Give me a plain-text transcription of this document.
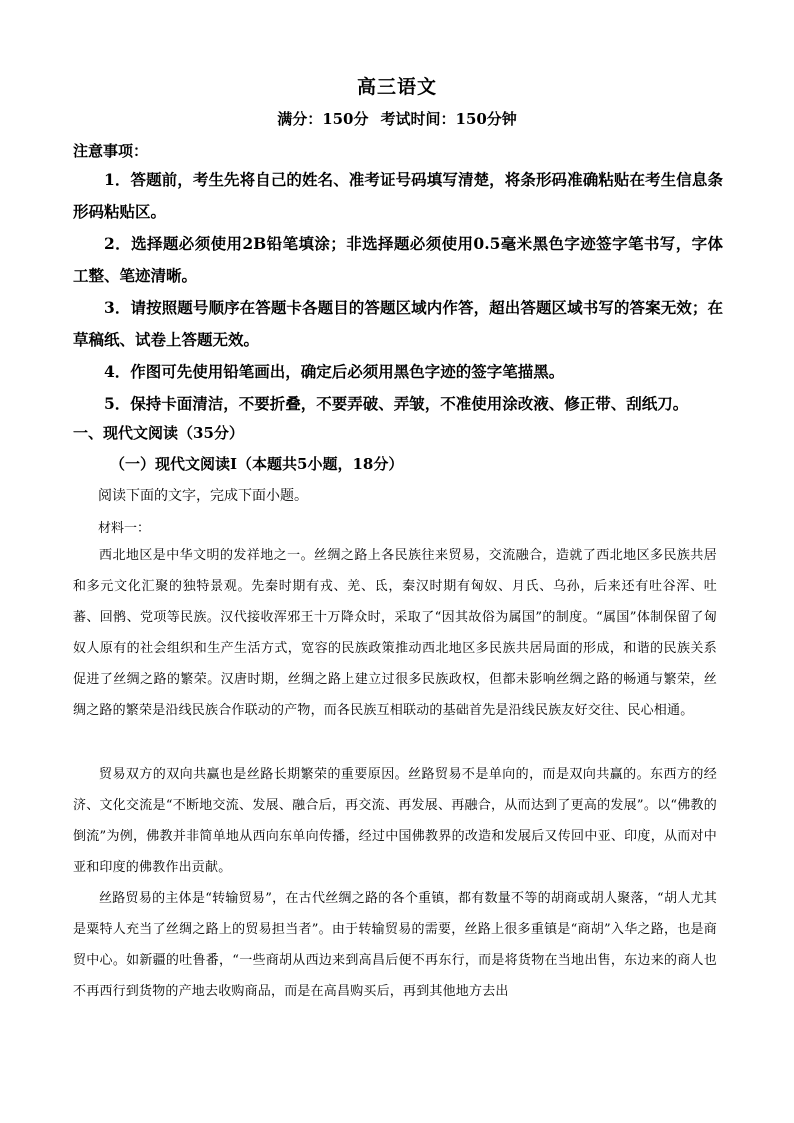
高三语文
满分：150分 考试时间：150分钟
注意事项：
1．答题前，考生先将自己的姓名、准考证号码填写清楚，将条形码准确粘贴在考生信息条形码粘贴区。
2．选择题必须使用2B铅笔填涂；非选择题必须使用0.5毫米黑色字迹签字笔书写，字体工整、笔迹清晰。
3．请按照题号顺序在答题卡各题目的答题区域内作答，超出答题区域书写的答案无效；在草稿纸、试卷上答题无效。
4．作图可先使用铅笔画出，确定后必须用黑色字迹的签字笔描黑。
5．保持卡面清洁，不要折叠，不要弄破、弄皱，不准使用涂改液、修正带、刮纸刀。
一、现代文阅读（35分）
（一）现代文阅读Ⅰ（本题共5小题，18分）
阅读下面的文字，完成下面小题。
材料一：
西北地区是中华文明的发祥地之一。丝绸之路上各民族往来贸易，交流融合，造就了西北地区多民族共居和多元文化汇聚的独特景观。先秦时期有戎、羌、氐，秦汉时期有匈奴、月氏、乌孙，后来还有吐谷浑、吐蕃、回鹘、党项等民族。汉代接收浑邪王十万降众时，采取了“因其故俗为属国”的制度。“属国”体制保留了匈奴人原有的社会组织和生产生活方式，宽容的民族政策推动西北地区多民族共居局面的形成，和谐的民族关系促进了丝绸之路的繁荣。汉唐时期，丝绸之路上建立过很多民族政权，但都未影响丝绸之路的畅通与繁荣，丝绸之路的繁荣是沿线民族合作联动的产物，而各民族互相联动的基础首先是沿线民族友好交往、民心相通。
贸易双方的双向共赢也是丝路长期繁荣的重要原因。丝路贸易不是单向的，而是双向共赢的。东西方的经济、文化交流是“不断地交流、发展、融合后，再交流、再发展、再融合，从而达到了更高的发展”。以“佛教的倒流”为例，佛教并非简单地从西向东单向传播，经过中国佛教界的改造和发展后又传回中亚、印度，从而对中亚和印度的佛教作出贡献。
丝路贸易的主体是“转输贸易”，在古代丝绸之路的各个重镇，都有数量不等的胡商或胡人聚落，“胡人尤其是粟特人充当了丝绸之路上的贸易担当者”。由于转输贸易的需要，丝路上很多重镇是“商胡”入华之路，也是商贸中心。如新疆的吐鲁番，“一些商胡从西边来到高昌后便不再东行，而是将货物在当地出售，东边来的商人也不再西行到货物的产地去收购商品，而是在高昌购买后，再到其他地方去出
